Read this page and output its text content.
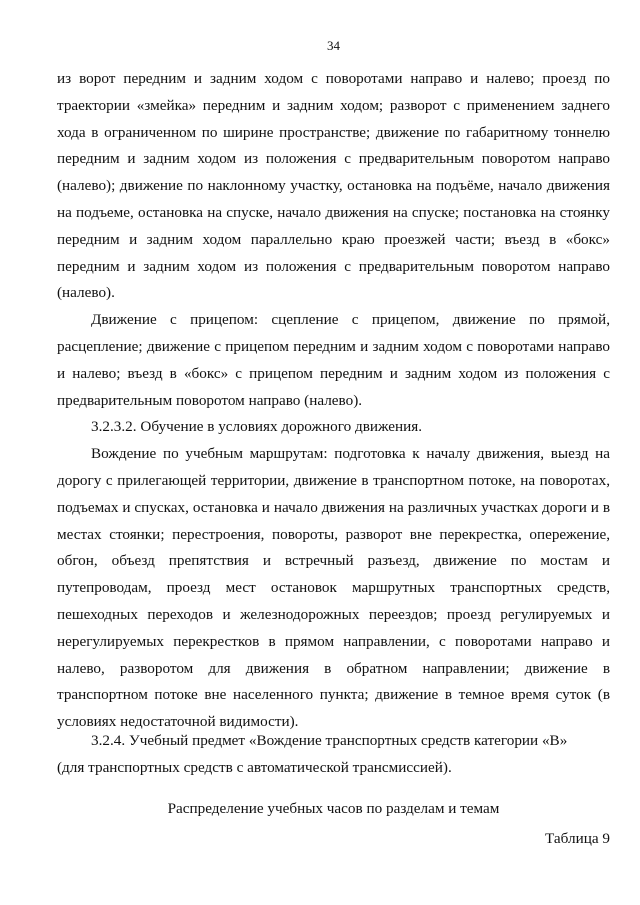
34

из ворот передним и задним ходом с поворотами направо и налево; проезд по траектории «змейка» передним и задним ходом; разворот с применением заднего хода в ограниченном по ширине пространстве; движение по габаритному тоннелю передним и задним ходом из положения с предварительным поворотом направо (налево); движение по наклонному участку, остановка на подъёме, начало движения на подъеме, остановка на спуске, начало движения на спуске; постановка на стоянку передним и задним ходом параллельно краю проезжей части; въезд в «бокс» передним и задним ходом из положения с предварительным поворотом направо (налево).

Движение с прицепом: сцепление с прицепом, движение по прямой, расцепление; движение с прицепом передним и задним ходом с поворотами направо и налево; въезд в «бокс» с прицепом передним и задним ходом из положения с предварительным поворотом направо (налево).

3.2.3.2. Обучение в условиях дорожного движения.

Вождение по учебным маршрутам: подготовка к началу движения, выезд на дорогу с прилегающей территории, движение в транспортном потоке, на поворотах, подъемах и спусках, остановка и начало движения на различных участках дороги и в местах стоянки; перестроения, повороты, разворот вне перекрестка, опережение, обгон, объезд препятствия и встречный разъезд, движение по мостам и путепроводам, проезд мест остановок маршрутных транспортных средств, пешеходных переходов и железнодорожных переездов; проезд регулируемых и нерегулируемых перекрестков в прямом направлении, с поворотами направо и налево, разворотом для движения в обратном направлении; движение в транспортном потоке вне населенного пункта; движение в темное время суток (в условиях недостаточной видимости).

3.2.4. Учебный предмет «Вождение транспортных средств категории «В»

(для транспортных средств с автоматической трансмиссией).

Распределение учебных часов по разделам и темам
Таблица 9
